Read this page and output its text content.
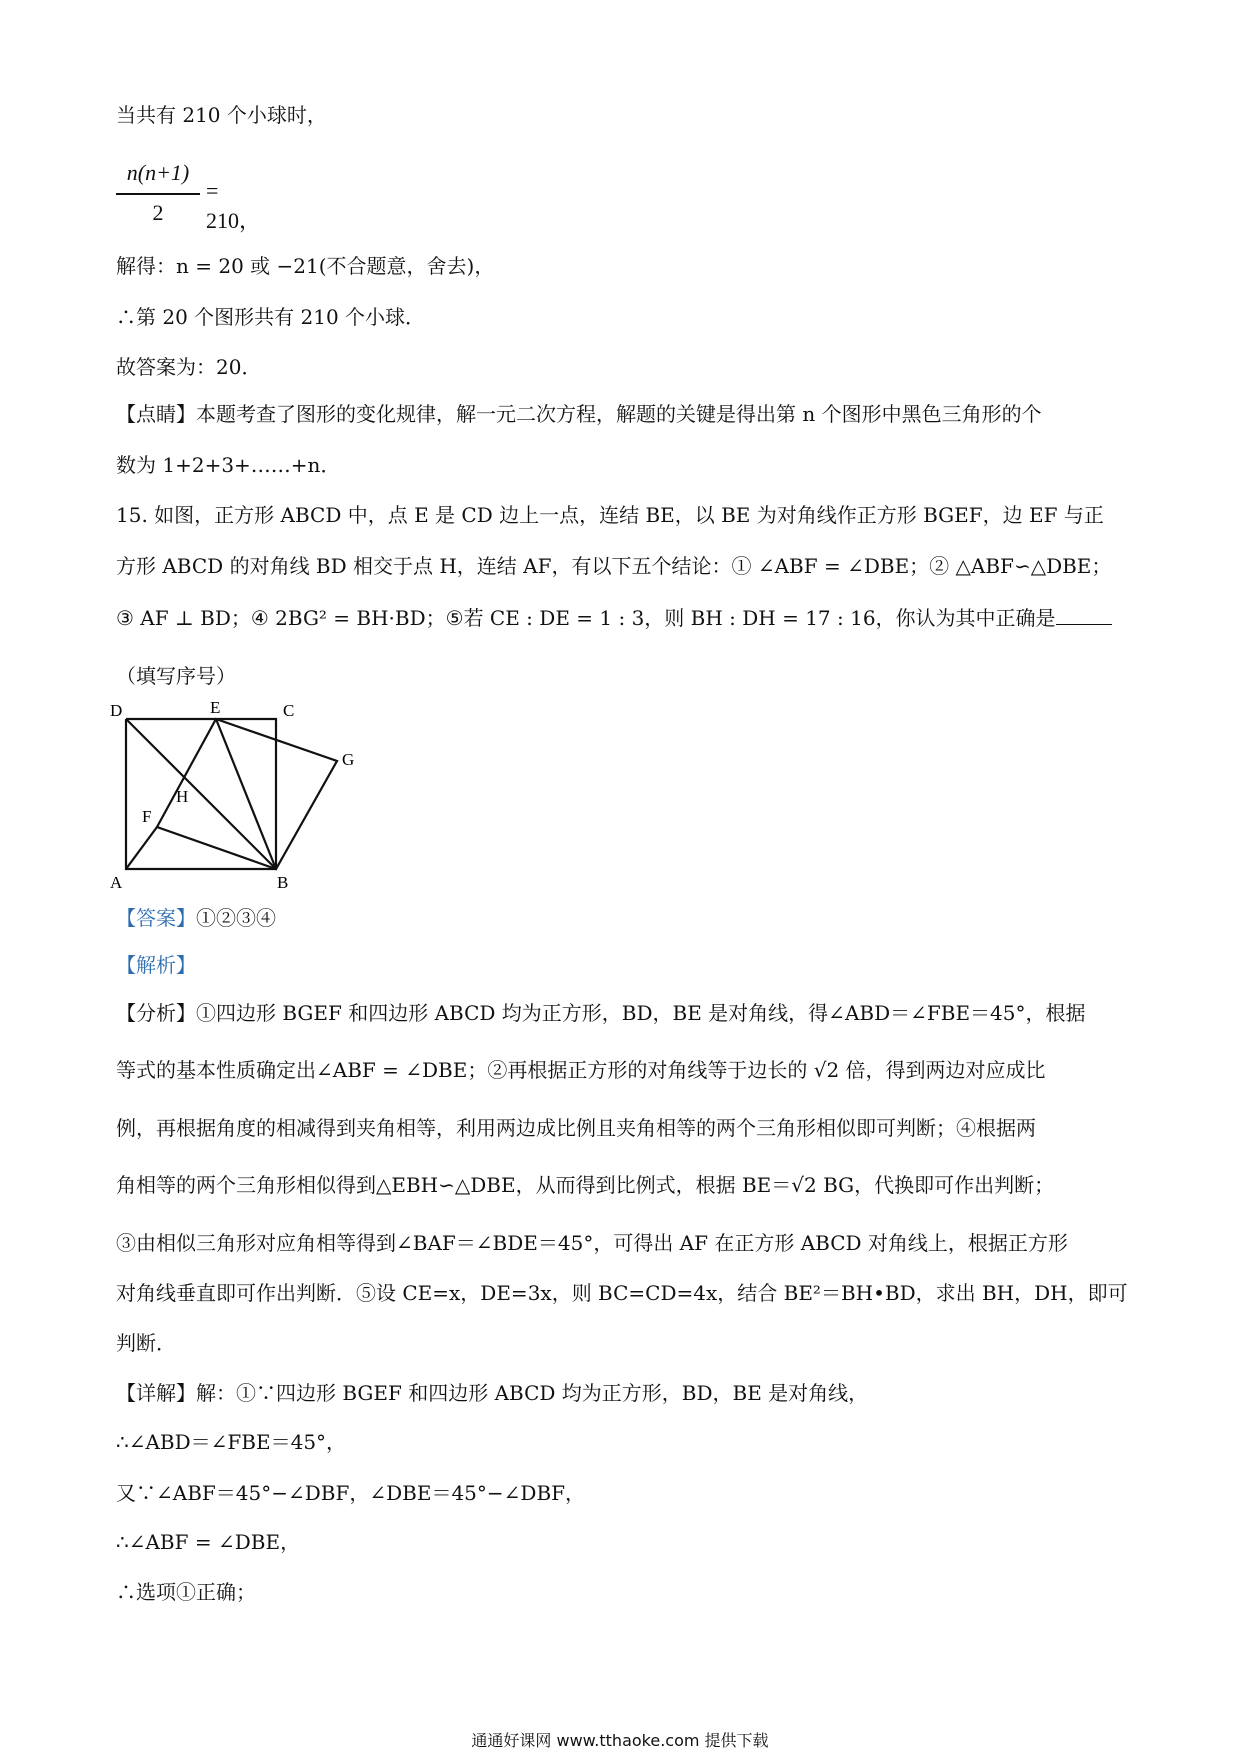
当共有 210 个小球时，
n(n+1)
2
= 210，
解得：n = 20 或 −21(不合题意，舍去)，
∴第 20 个图形共有 210 个小球．
故答案为：20．
【点睛】本题考查了图形的变化规律，解一元二次方程，解题的关键是得出第 n 个图形中黑色三角形的个
数为 1+2+3+……+n．
15. 如图，正方形 ABCD 中，点 E 是 CD 边上一点，连结 BE，以 BE 为对角线作正方形 BGEF，边 EF 与正
方形 ABCD 的对角线 BD 相交于点 H，连结 AF，有以下五个结论：① ∠ABF = ∠DBE；② △ABF∽△DBE；
③ AF ⊥ BD；④ 2BG² = BH·BD；⑤若 CE : DE = 1 : 3，则 BH : DH = 17 : 16，你认为其中正确是
（填写序号）
D	E	C
G
H
F
A	B
【答案】①②③④
【解析】
【分析】①四边形 BGEF 和四边形 ABCD 均为正方形，BD，BE 是对角线，得∠ABD＝∠FBE＝45°，根据
等式的基本性质确定出∠ABF = ∠DBE；②再根据正方形的对角线等于边长的 √2 倍，得到两边对应成比
例，再根据角度的相减得到夹角相等，利用两边成比例且夹角相等的两个三角形相似即可判断；④根据两
角相等的两个三角形相似得到△EBH∽△DBE，从而得到比例式，根据 BE＝√2 BG，代换即可作出判断；
③由相似三角形对应角相等得到∠BAF＝∠BDE＝45°，可得出 AF 在正方形 ABCD 对角线上，根据正方形
对角线垂直即可作出判断．⑤设 CE=x，DE=3x，则 BC=CD=4x，结合 BE²＝BH•BD，求出 BH，DH，即可
判断．
【详解】解：①∵四边形 BGEF 和四边形 ABCD 均为正方形，BD，BE 是对角线，
∴∠ABD＝∠FBE＝45°，
又∵∠ABF＝45°−∠DBF，∠DBE＝45°−∠DBF，
∴∠ABF = ∠DBE，
∴选项①正确；
通通好课网 www.tthaoke.com 提供下载
